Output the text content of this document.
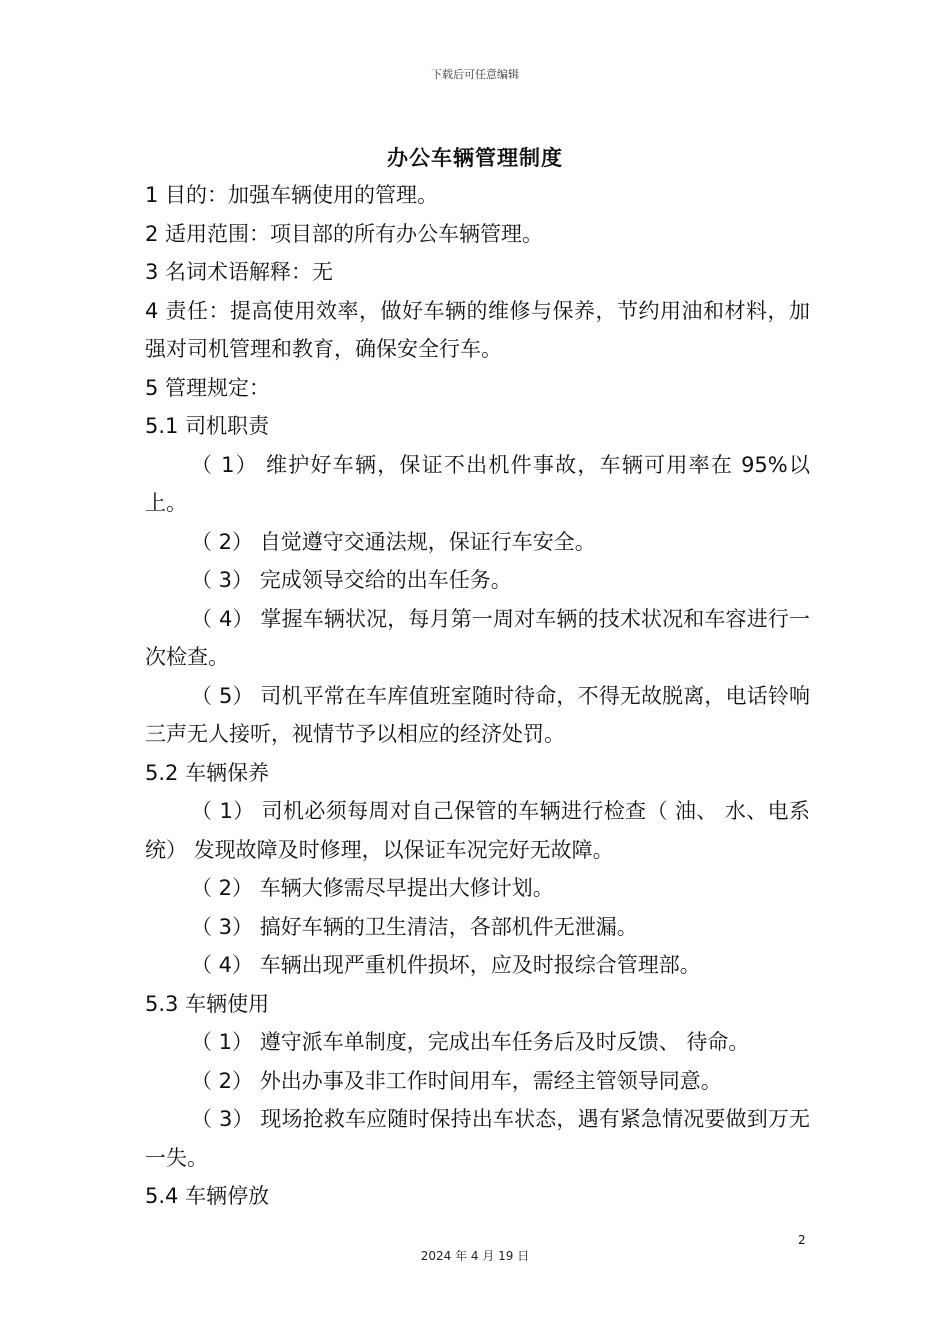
下载后可任意编辑
办公车辆管理制度

1 目的：加强车辆使用的管理。

2 适用范围：项目部的所有办公车辆管理。

3 名词术语解释：无

4 责任：提高使用效率，做好车辆的维修与保养，节约用油和材料，加强对司机管理和教育，确保安全行车。

5 管理规定：

5.1 司机职责

（ 1） 维护好车辆，保证不出机件事故，车辆可用率在 95%以上。

（ 2） 自觉遵守交通法规，保证行车安全。

（ 3） 完成领导交给的出车任务。

（ 4） 掌握车辆状况，每月第一周对车辆的技术状况和车容进行一次检查。

（ 5） 司机平常在车库值班室随时待命，不得无故脱离，电话铃响三声无人接听，视情节予以相应的经济处罚。

5.2 车辆保养

（ 1） 司机必须每周对自己保管的车辆进行检查（ 油、 水、电系统） 发现故障及时修理，以保证车况完好无故障。

（ 2） 车辆大修需尽早提出大修计划。

（ 3） 搞好车辆的卫生清洁，各部机件无泄漏。

（ 4） 车辆出现严重机件损坏，应及时报综合管理部。

5.3 车辆使用

（ 1） 遵守派车单制度，完成出车任务后及时反馈、 待命。

（ 2） 外出办事及非工作时间用车，需经主管领导同意。

（ 3） 现场抢救车应随时保持出车状态，遇有紧急情况要做到万无一失。

5.4 车辆停放

2
2024 年 4 月 19 日
